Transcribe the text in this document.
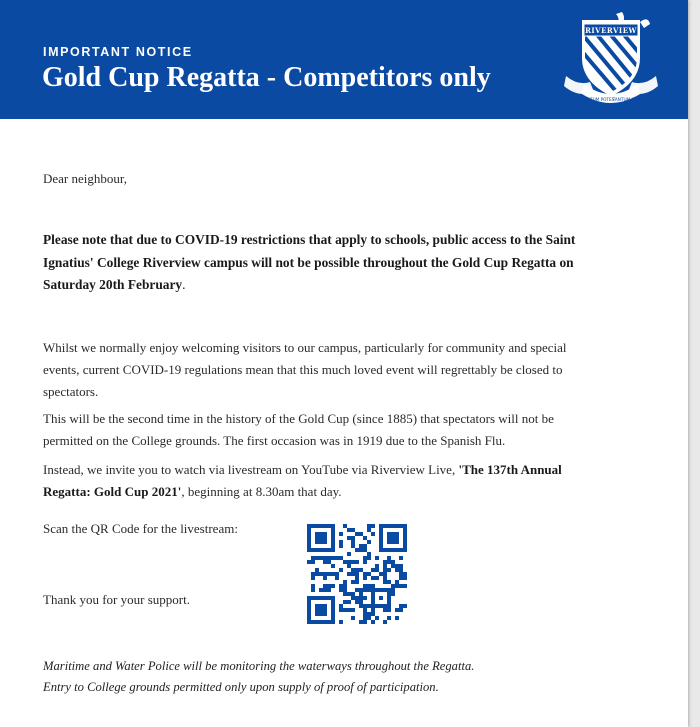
IMPORTANT NOTICE
Gold Cup Regatta - Competitors only
RIVERVIEW
QUANTUM POTES
TANTUM AUDE
Dear neighbour,
Please note that due to COVID-19 restrictions that apply to schools, public access to the Saint Ignatius' College Riverview campus will not be possible throughout the Gold Cup Regatta on Saturday 20th February.
Whilst we normally enjoy welcoming visitors to our campus, particularly for community and special events, current COVID-19 regulations mean that this much loved event will regrettably be closed to spectators.
This will be the second time in the history of the Gold Cup (since 1885) that spectators will not be permitted on the College grounds. The first occasion was in 1919 due to the Spanish Flu.
Instead, we invite you to watch via livestream on YouTube via Riverview Live, 'The 137th Annual Regatta: Gold Cup 2021', beginning at 8.30am that day.
Scan the QR Code for the livestream:
Thank you for your support.
Maritime and Water Police will be monitoring the waterways throughout the Regatta.
Entry to College grounds permitted only upon supply of proof of participation.
